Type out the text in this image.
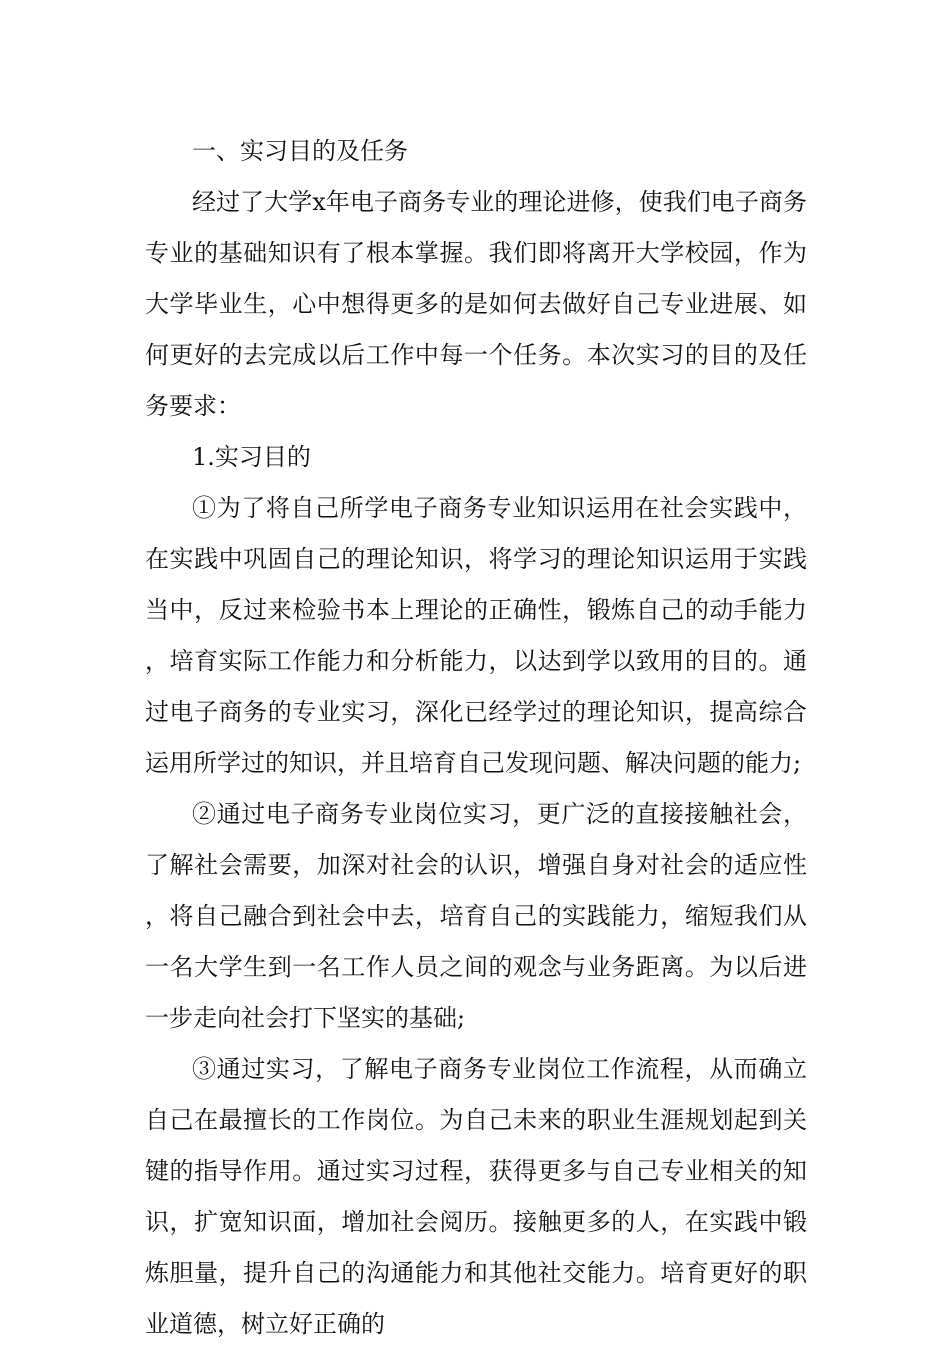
一、实习目的及任务

经过了大学x年电子商务专业的理论进修，使我们电子商务专业的基础知识有了根本掌握。我们即将离开大学校园，作为大学毕业生，心中想得更多的是如何去做好自己专业进展、如何更好的去完成以后工作中每一个任务。本次实习的目的及任务要求：

1.实习目的

①为了将自己所学电子商务专业知识运用在社会实践中，在实践中巩固自己的理论知识，将学习的理论知识运用于实践当中，反过来检验书本上理论的正确性，锻炼自己的动手能力，培育实际工作能力和分析能力，以达到学以致用的目的。通过电子商务的专业实习，深化已经学过的理论知识，提高综合运用所学过的知识，并且培育自己发现问题、解决问题的能力;

②通过电子商务专业岗位实习，更广泛的直接接触社会，了解社会需要，加深对社会的认识，增强自身对社会的适应性，将自己融合到社会中去，培育自己的实践能力，缩短我们从一名大学生到一名工作人员之间的观念与业务距离。为以后进一步走向社会打下坚实的基础;

③通过实习，了解电子商务专业岗位工作流程，从而确立自己在最擅长的工作岗位。为自己未来的职业生涯规划起到关键的指导作用。通过实习过程，获得更多与自己专业相关的知识，扩宽知识面，增加社会阅历。接触更多的人，在实践中锻炼胆量，提升自己的沟通能力和其他社交能力。培育更好的职业道德，树立好正确的
